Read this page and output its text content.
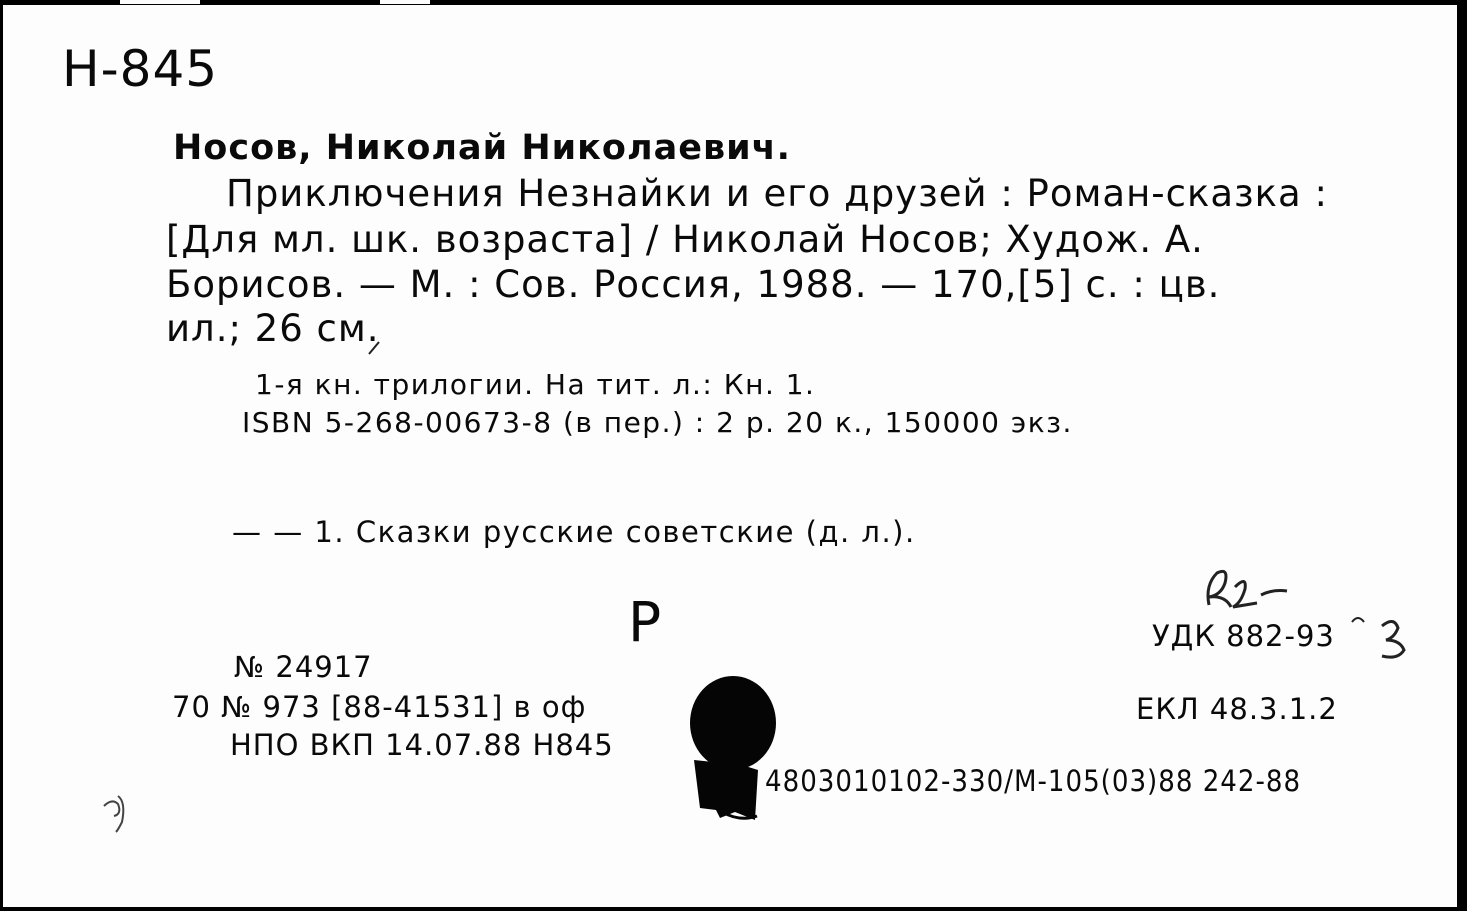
Н-845
Носов, Николай Николаевич.
Приключения Незнайки и его друзей : Роман-сказка :
[Для мл. шк. возраста] / Николай Носов; Худож. А.
Борисов. — М. : Сов. Россия, 1988. — 170,[5] с. : цв.
ил.; 26 см.
1-я кн. трилогии. На тит. л.: Кн. 1.
ISBN 5-268-00673-8 (в пер.) : 2 р. 20 к., 150000 экз.
— — 1. Сказки русские советские (д. л.).
Р
№ 24917
70 № 973 [88-41531] в оф
НПО ВКП 14.07.88 Н845
УДК 882-93
ЕКЛ 48.3.1.2
4803010102-330/М-105(03)88 242-88
